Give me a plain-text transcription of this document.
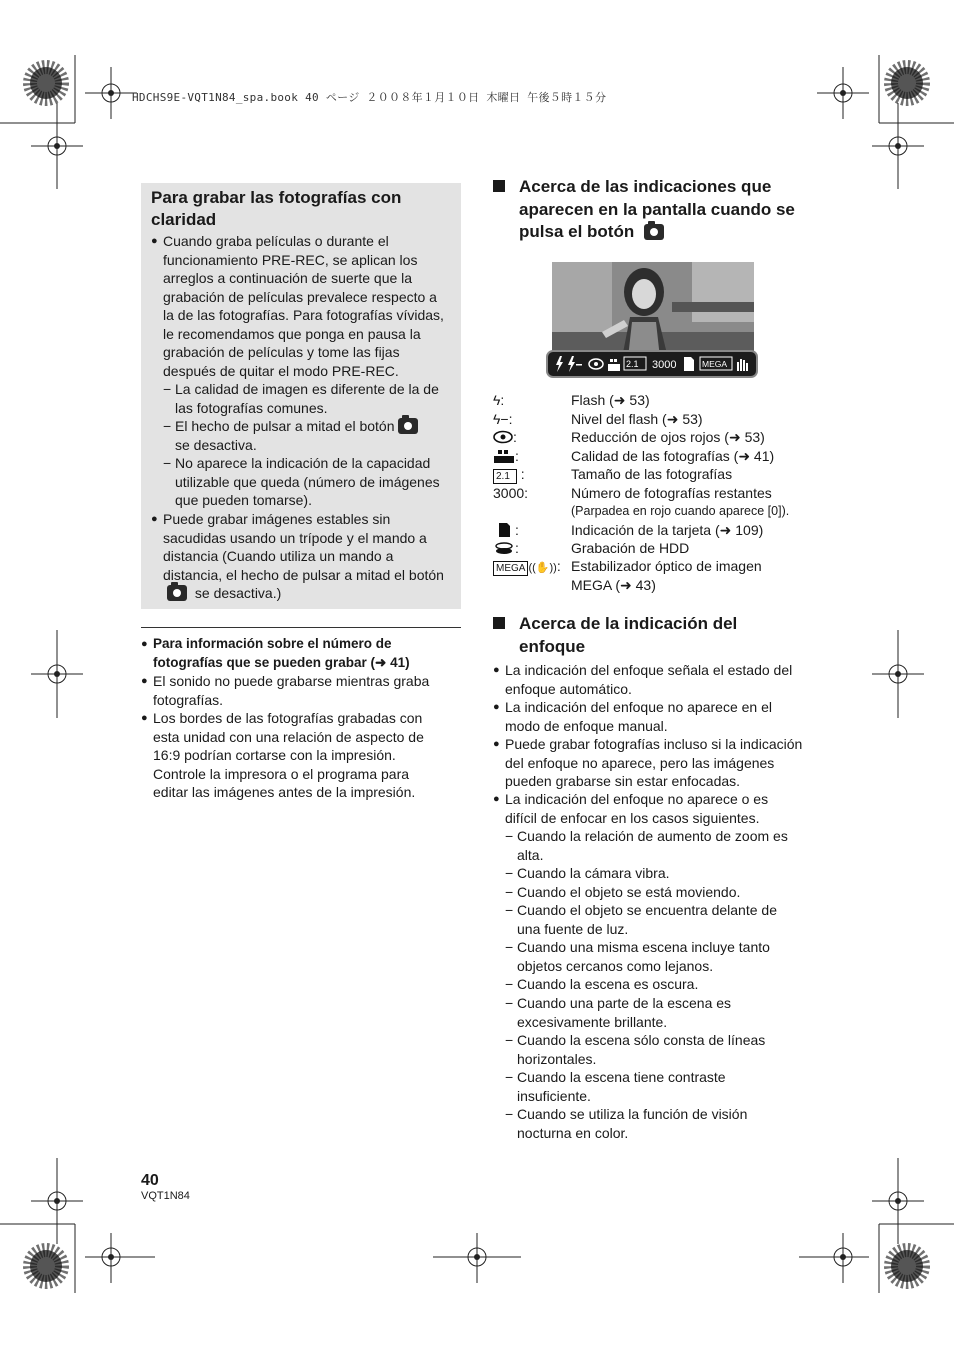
HDCHS9E-VQT1N84_spa.book 40 ページ ２００８年１月１０日 木曜日 午後５時１５分
Para grabar las fotografías con claridad
● Cuando graba películas o durante el funcionamiento PRE-REC, se aplican los arreglos a continuación de suerte que la grabación de películas prevalece respecto a la de las fotografías. Para fotografías vívidas, le recomendamos que ponga en pausa la grabación de películas y tome las fijas después de quitar el modo PRE-REC.
− La calidad de imagen es diferente de la de las fotografías comunes.
− El hecho de pulsar a mitad el botón
se desactiva.
− No aparece la indicación de la capacidad utilizable que queda (número de imágenes que pueden tomarse).
● Puede grabar imágenes estables sin sacudidas usando un trípode y el mando a distancia (Cuando utiliza un mando a distancia, el hecho de pulsar a mitad el botón se desactiva.)
● Para información sobre el número de fotografías que se pueden grabar (➜ 41)
● El sonido no puede grabarse mientras graba fotografías.
● Los bordes de las fotografías grabadas con esta unidad con una relación de aspecto de 16:9 podrían cortarse con la impresión. Controle la impresora o el programa para editar las imágenes antes de la impresión.
Acerca de las indicaciones que aparecen en la pantalla cuando se pulsa el botón
2.1 3000	MEGA
ϟ:	Flash (➜ 53)
ϟ−:	Nivel del flash (➜ 53)
:	Reducción de ojos rojos (➜ 53)
:	Calidad de las fotografías (➜ 41)
2.1 :	Tamaño de las fotografías
3000:	Número de fotografías restantes
(Parpadea en rojo cuando aparece [0]).
:	Indicación de la tarjeta (➜ 109)
:	Grabación de HDD
MEGA ((✋)): Estabilizador óptico de imagen
MEGA (➜ 43)
Acerca de la indicación del enfoque
● La indicación del enfoque señala el estado del enfoque automático.
● La indicación del enfoque no aparece en el modo de enfoque manual.
● Puede grabar fotografías incluso si la indicación del enfoque no aparece, pero las imágenes pueden grabarse sin estar enfocadas.
● La indicación del enfoque no aparece o es difícil de enfocar en los casos siguientes.
− Cuando la relación de aumento de zoom es alta.
− Cuando la cámara vibra.
− Cuando el objeto se está moviendo.
− Cuando el objeto se encuentra delante de una fuente de luz.
− Cuando una misma escena incluye tanto objetos cercanos como lejanos.
− Cuando la escena es oscura.
− Cuando una parte de la escena es excesivamente brillante.
− Cuando la escena sólo consta de líneas horizontales.
− Cuando la escena tiene contraste insuficiente.
− Cuando se utiliza la función de visión nocturna en color.
40
VQT1N84
